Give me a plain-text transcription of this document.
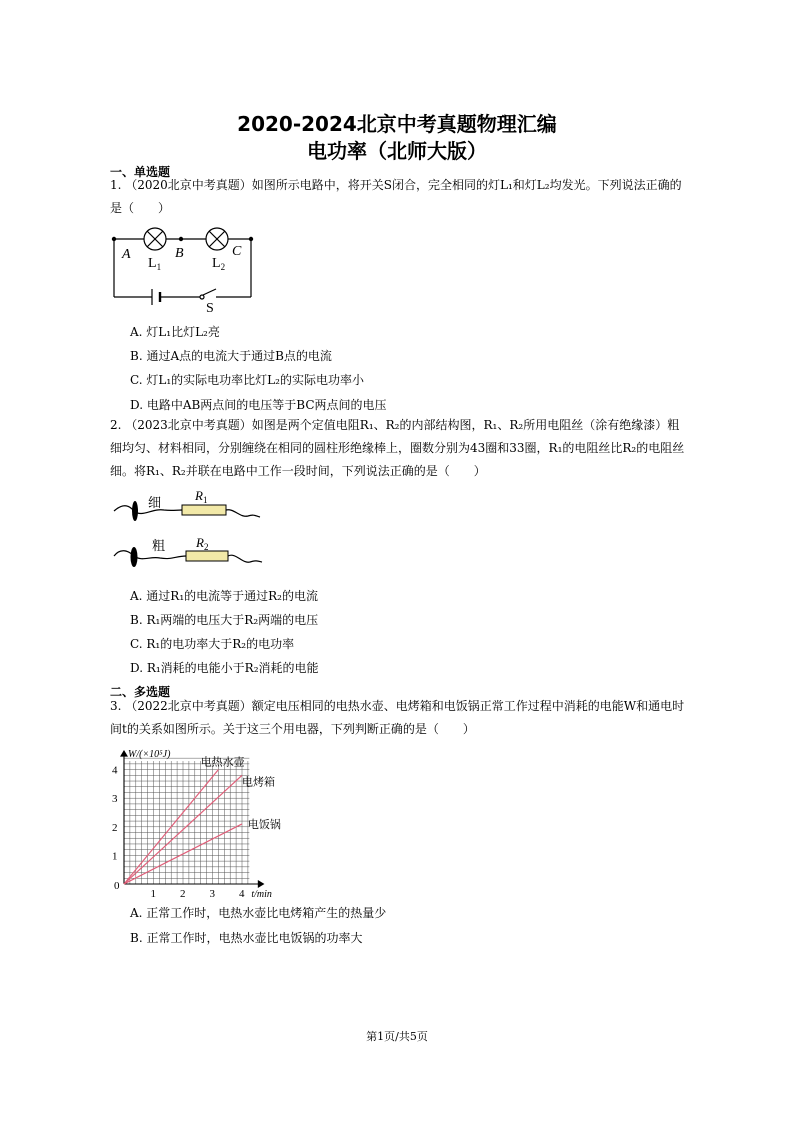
2020-2024北京中考真题物理汇编
电功率（北师大版）
一、单选题
1. （2020北京中考真题）如图所示电路中，将开关S闭合，完全相同的灯L₁和灯L₂均发光。下列说法正确的是（　　）
A	B	C
$L_1$	$L_2$
S
A. 灯L₁比灯L₂亮
B. 通过A点的电流大于通过B点的电流
C. 灯L₁的实际电功率比灯L₂的实际电功率小
D. 电路中AB两点间的电压等于BC两点间的电压
2. （2023北京中考真题）如图是两个定值电阻R₁、R₂的内部结构图，R₁、R₂所用电阻丝（涂有绝缘漆）粗细均匀、材料相同，分别缠绕在相同的圆柱形绝缘棒上，圈数分别为43圈和33圈，R₁的电阻丝比R₂的电阻丝细。将R₁、R₂并联在电路中工作一段时间，下列说法正确的是（　　）
细
粗
$R_1$
$R_2$
A. 通过R₁的电流等于通过R₂的电流
B. R₁两端的电压大于R₂两端的电压
C. R₁的电功率大于R₂的电功率
D. R₁消耗的电能小于R₂消耗的电能
二、多选题
3. （2022北京中考真题）额定电压相同的电热水壶、电烤箱和电饭锅正常工作过程中消耗的电能W和通电时间t的关系如图所示。关于这三个用电器，下列判断正确的是（　　）
0
1 2 3 4
1
2
3
4
W/(×10⁵J)
t/min
电热水壶
电烤箱
电饭锅
A. 正常工作时，电热水壶比电烤箱产生的热量少
B. 正常工作时，电热水壶比电饭锅的功率大
第1页/共5页
